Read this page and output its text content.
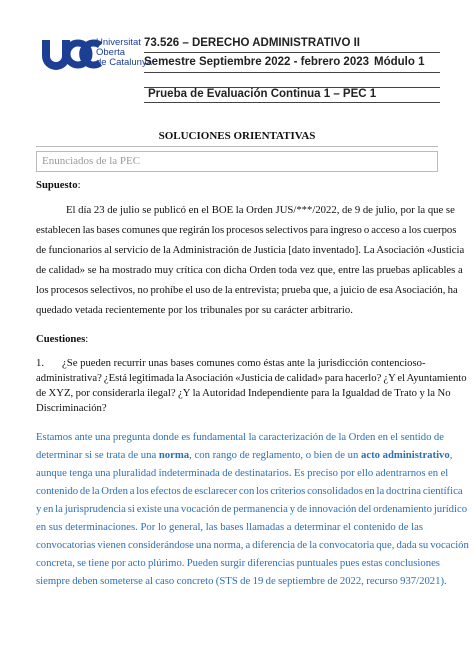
Universitat
Oberta
de Catalunya
73.526 – DERECHO ADMINISTRATIVO II
Semestre Septiembre 2022 - febrero 2023 Módulo 1
Prueba de Evaluación Continua 1 – PEC 1
SOLUCIONES ORIENTATIVAS
Enunciados de la PEC
Supuesto:
El día 23 de julio se publicó en el BOE la Orden JUS/***/2022, de 9 de julio, por la que se
establecen las bases comunes que regirán los procesos selectivos para ingreso o acceso a los cuerpos
de funcionarios al servicio de la Administración de Justicia [dato inventado]. La Asociación «Justicia
de calidad» se ha mostrado muy crítica con dicha Orden toda vez que, entre las pruebas aplicables a
los procesos selectivos, no prohíbe el uso de la entrevista; prueba que, a juicio de esa Asociación, ha
quedado vetada recientemente por los tribunales por su carácter arbitrario.
Cuestiones:
1. ¿Se pueden recurrir unas bases comunes como éstas ante la jurisdicción contencioso-
administrativa? ¿Está legitimada la Asociación «Justicia de calidad» para hacerlo? ¿Y el Ayuntamiento
de XYZ, por considerarla ilegal? ¿Y la Autoridad Independiente para la Igualdad de Trato y la No
Discriminación?
Estamos ante una pregunta donde es fundamental la caracterización de la Orden en el sentido de
determinar si se trata de una norma, con rango de reglamento, o bien de un acto administrativo,
aunque tenga una pluralidad indeterminada de destinatarios. Es preciso por ello adentrarnos en el
contenido de la Orden a los efectos de esclarecer con los criterios consolidados en la doctrina científica
y en la jurisprudencia si existe una vocación de permanencia y de innovación del ordenamiento jurídico
en sus determinaciones. Por lo general, las bases llamadas a determinar el contenido de las
convocatorias vienen considerándose una norma, a diferencia de la convocatoria que, dada su vocación
concreta, se tiene por acto plúrimo. Pueden surgir diferencias puntuales pues estas conclusiones
siempre deben someterse al caso concreto (STS de 19 de septiembre de 2022, recurso 937/2021).
